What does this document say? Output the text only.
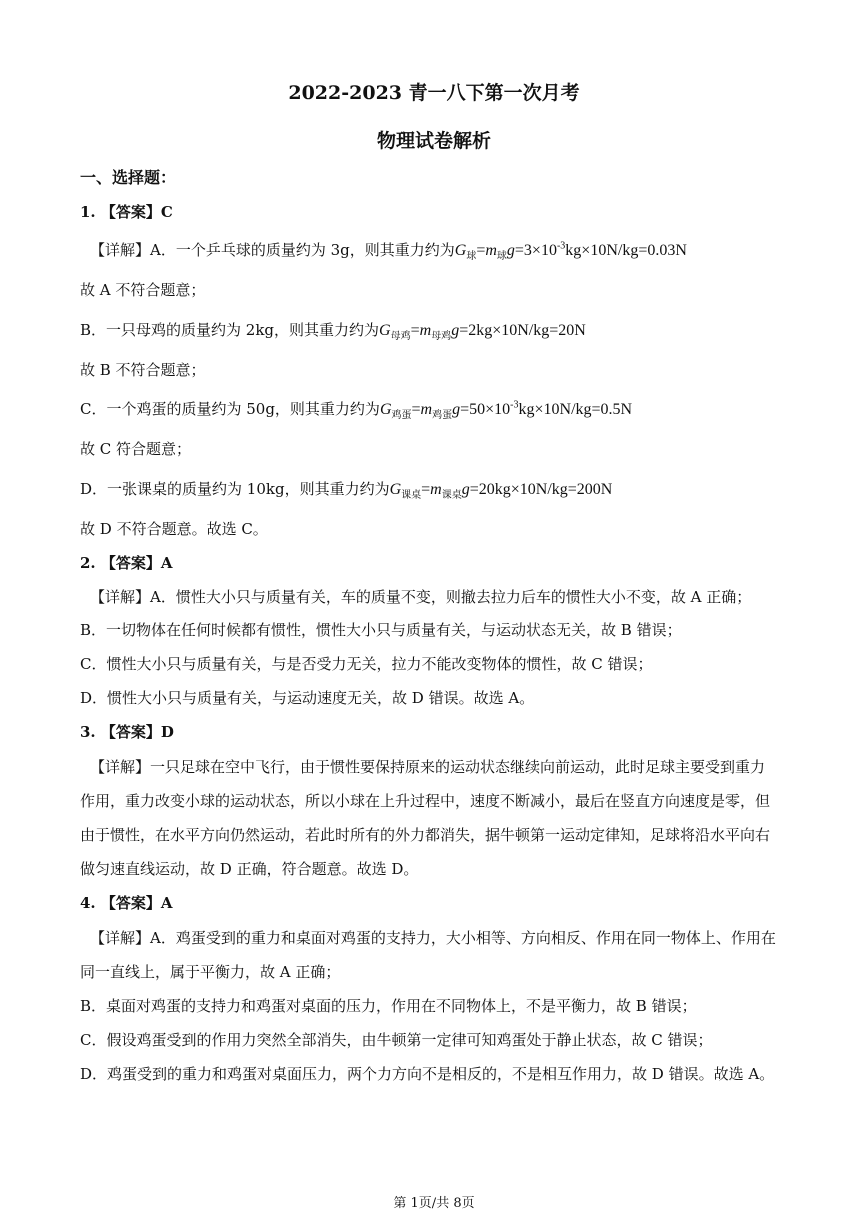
2022-2023 青一八下第一次月考
物理试卷解析
一、选择题：
1. 【答案】C
【详解】A．一个乒乓球的质量约为 3g，则其重力约为$G_球=m_球g=3\times 10^{-3}kg\times 10N/kg=0.03N$
故 A 不符合题意；
B．一只母鸡的质量约为 2kg，则其重力约为$G_{母鸡}=m_{母鸡}g=2kg\times 10N/kg=20N$
故 B 不符合题意；
C．一个鸡蛋的质量约为 50g，则其重力约为$G_{鸡蛋}=m_{鸡蛋}g=50\times 10^{-3}kg\times 10N/kg=0.5N$
故 C 符合题意；
D．一张课桌的质量约为 10kg，则其重力约为$G_{课桌}=m_{课桌}g=20kg\times 10N/kg=200N$
故 D 不符合题意。故选 C。
2. 【答案】A
【详解】A．惯性大小只与质量有关，车的质量不变，则撤去拉力后车的惯性大小不变，故 A 正确；
B．一切物体在任何时候都有惯性，惯性大小只与质量有关，与运动状态无关，故 B 错误；
C．惯性大小只与质量有关，与是否受力无关，拉力不能改变物体的惯性，故 C 错误；
D．惯性大小只与质量有关，与运动速度无关，故 D 错误。故选 A。
3. 【答案】D
【详解】一只足球在空中飞行，由于惯性要保持原来的运动状态继续向前运动，此时足球主要受到重力
作用，重力改变小球的运动状态，所以小球在上升过程中，速度不断减小，最后在竖直方向速度是零，但
由于惯性，在水平方向仍然运动，若此时所有的外力都消失，据牛顿第一运动定律知，足球将沿水平向右
做匀速直线运动，故 D 正确，符合题意。故选 D。
4. 【答案】A
【详解】A．鸡蛋受到的重力和桌面对鸡蛋的支持力，大小相等、方向相反、作用在同一物体上、作用在
同一直线上，属于平衡力，故 A 正确；
B．桌面对鸡蛋的支持力和鸡蛋对桌面的压力，作用在不同物体上，不是平衡力，故 B 错误；
C．假设鸡蛋受到的作用力突然全部消失，由牛顿第一定律可知鸡蛋处于静止状态，故 C 错误；
D．鸡蛋受到的重力和鸡蛋对桌面压力，两个力方向不是相反的，不是相互作用力，故 D 错误。故选 A。
第 1页/共 8页
